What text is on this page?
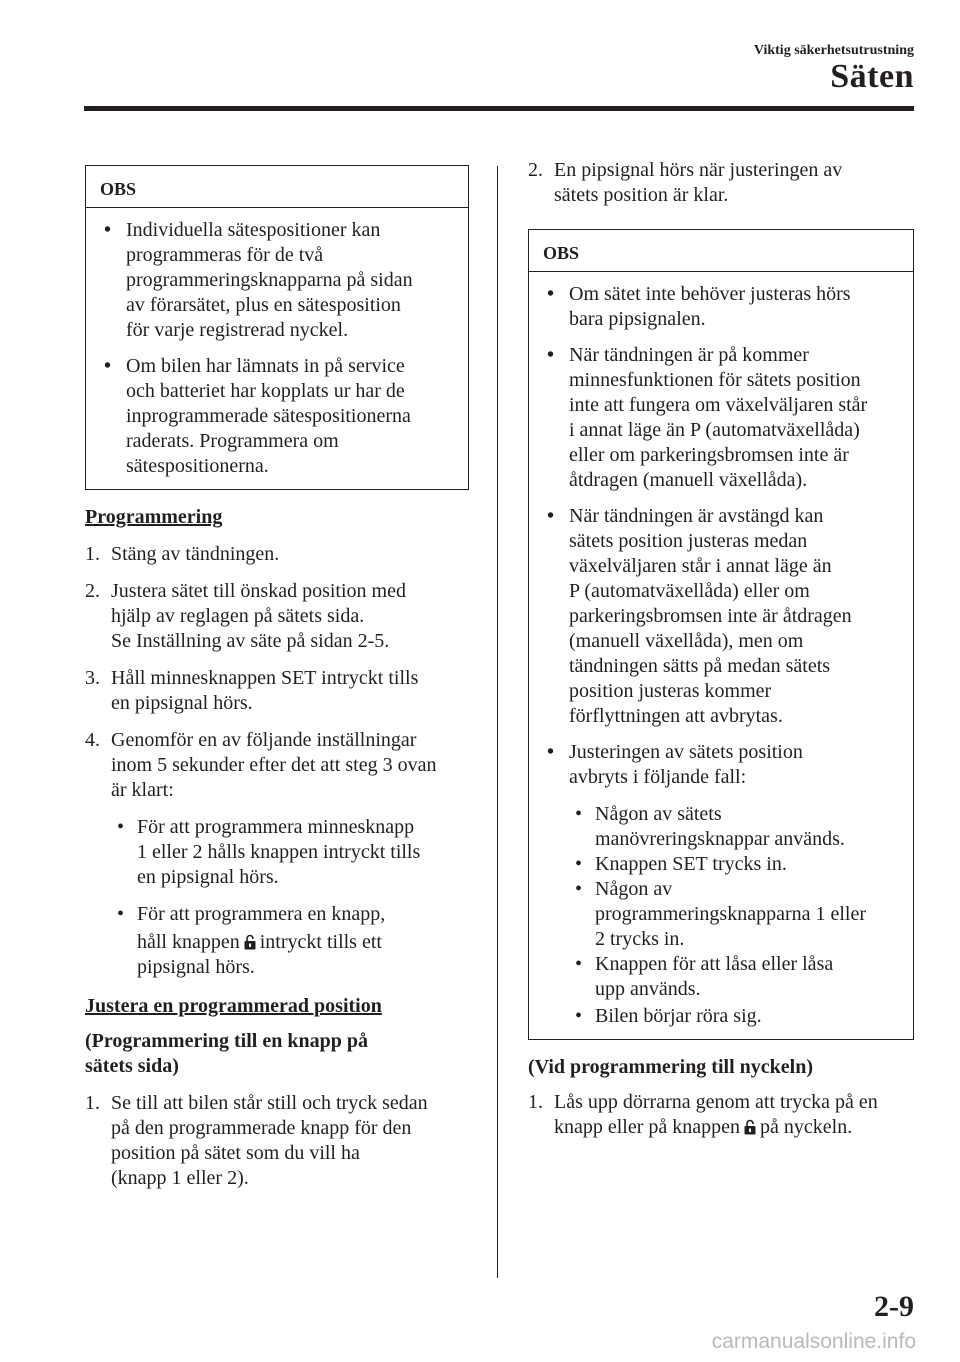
Viktig säkerhetsutrustning
Säten
OBS
• Individuella sätespositioner kan
programmeras för de två
programmeringsknapparna på sidan
av förarsätet, plus en sätesposition
för varje registrerad nyckel.
• Om bilen har lämnats in på service
och batteriet har kopplats ur har de
inprogrammerade sätespositionerna
raderats. Programmera om
sätespositionerna.
Programmering
1. Stäng av tändningen.
2. Justera sätet till önskad position med
hjälp av reglagen på sätets sida.
Se Inställning av säte på sidan 2-5.
3. Håll minnesknappen SET intryckt tills
en pipsignal hörs.
4. Genomför en av följande inställningar
inom 5 sekunder efter det att steg 3 ovan
är klart:
• För att programmera minnesknapp
1 eller 2 hålls knappen intryckt tills
en pipsignal hörs.
• För att programmera en knapp,
håll knappen intryckt tills ett
pipsignal hörs.
Justera en programmerad position
(Programmering till en knapp på
sätets sida)
1. Se till att bilen står still och tryck sedan
på den programmerade knapp för den
position på sätet som du vill ha
(knapp 1 eller 2).
2. En pipsignal hörs när justeringen av
sätets position är klar.
OBS
• Om sätet inte behöver justeras hörs
bara pipsignalen.
• När tändningen är på kommer
minnesfunktionen för sätets position
inte att fungera om växelväljaren står
i annat läge än P (automatväxellåda)
eller om parkeringsbromsen inte är
åtdragen (manuell växellåda).
• När tändningen är avstängd kan
sätets position justeras medan
växelväljaren står i annat läge än
P (automatväxellåda) eller om
parkeringsbromsen inte är åtdragen
(manuell växellåda), men om
tändningen sätts på medan sätets
position justeras kommer
förflyttningen att avbrytas.
• Justeringen av sätets position
avbryts i följande fall:
• Någon av sätets
manövreringsknappar används.
• Knappen SET trycks in.
• Någon av
programmeringsknapparna 1 eller
2 trycks in.
• Knappen för att låsa eller låsa
upp används.
• Bilen börjar röra sig.
(Vid programmering till nyckeln)
1. Lås upp dörrarna genom att trycka på en
knapp eller på knappen på nyckeln.
2-9
carmanualsonline.info
